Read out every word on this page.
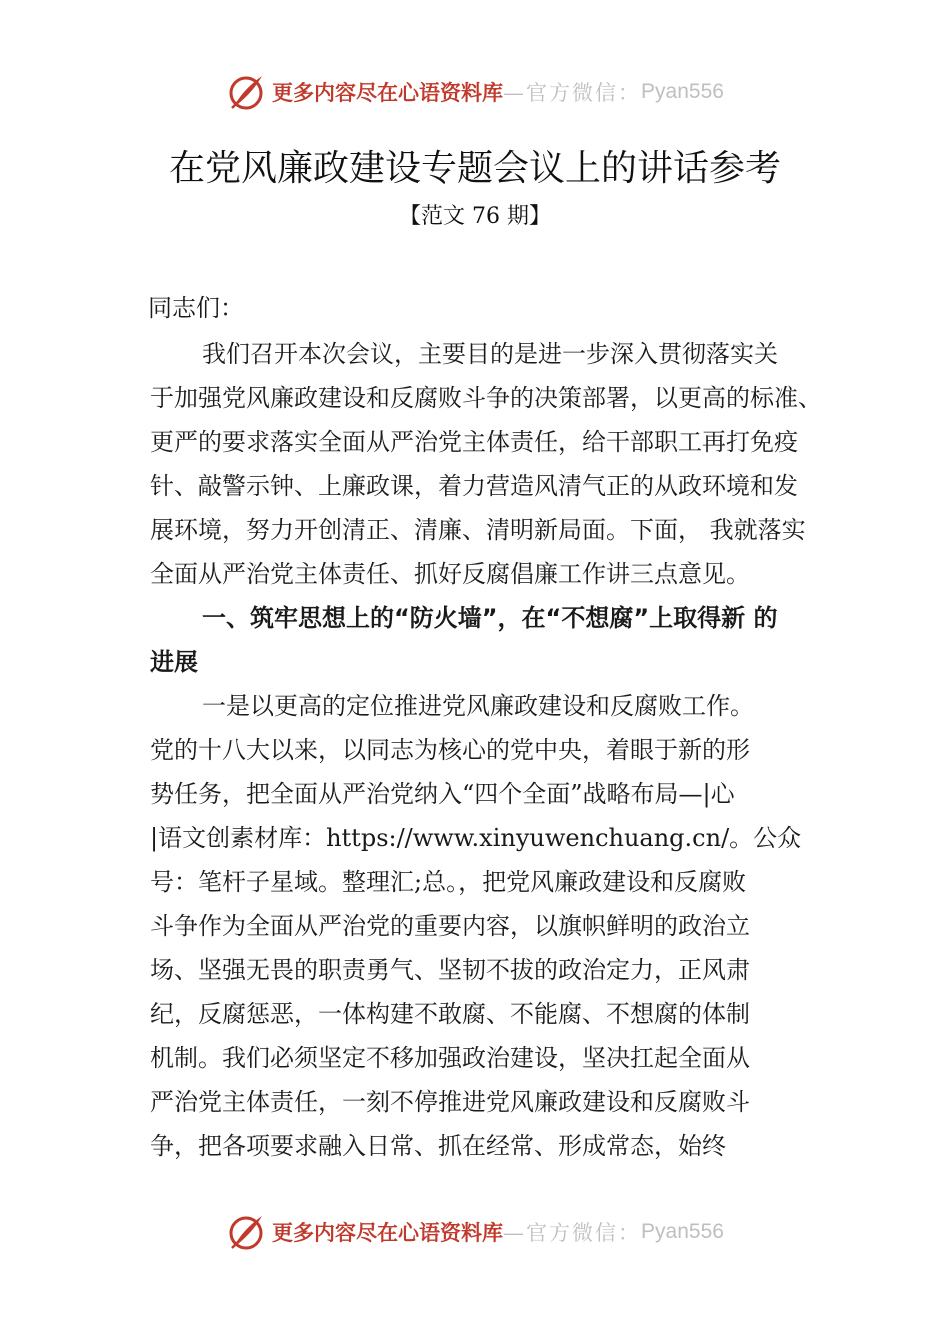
更多内容尽在心语资料库 —官方微信： Pyan556
在党风廉政建设专题会议上的讲话参考
【范文 76 期】
同志们：
我们召开本次会议，主要目的是进一步深入贯彻落实关
于加强党风廉政建设和反腐败斗争的决策部署，以更高的标准、
更严的要求落实全面从严治党主体责任，给干部职工再打免疫
针、敲警示钟、上廉政课，着力营造风清气正的从政环境和发
展环境，努力开创清正、清廉、清明新局面。下面， 我就落实
全面从严治党主体责任、抓好反腐倡廉工作讲三点意见。
一、筑牢思想上的“防火墙”，在“不想腐”上取得新 的
进展
一是以更高的定位推进党风廉政建设和反腐败工作。
党的十八大以来，以同志为核心的党中央，着眼于新的形
势任务，把全面从严治党纳入“四个全面”战略布局—|心
|语文创素材库：https://www.xinyuwenchuang.cn/。公众
号：笔杆子星域。整理汇;总。，把党风廉政建设和反腐败
斗争作为全面从严治党的重要内容，以旗帜鲜明的政治立
场、坚强无畏的职责勇气、坚韧不拔的政治定力，正风肃
纪，反腐惩恶，一体构建不敢腐、不能腐、不想腐的体制
机制。我们必须坚定不移加强政治建设，坚决扛起全面从
严治党主体责任，一刻不停推进党风廉政建设和反腐败斗
争，把各项要求融入日常、抓在经常、形成常态，始终
更多内容尽在心语资料库 —官方微信： Pyan556
